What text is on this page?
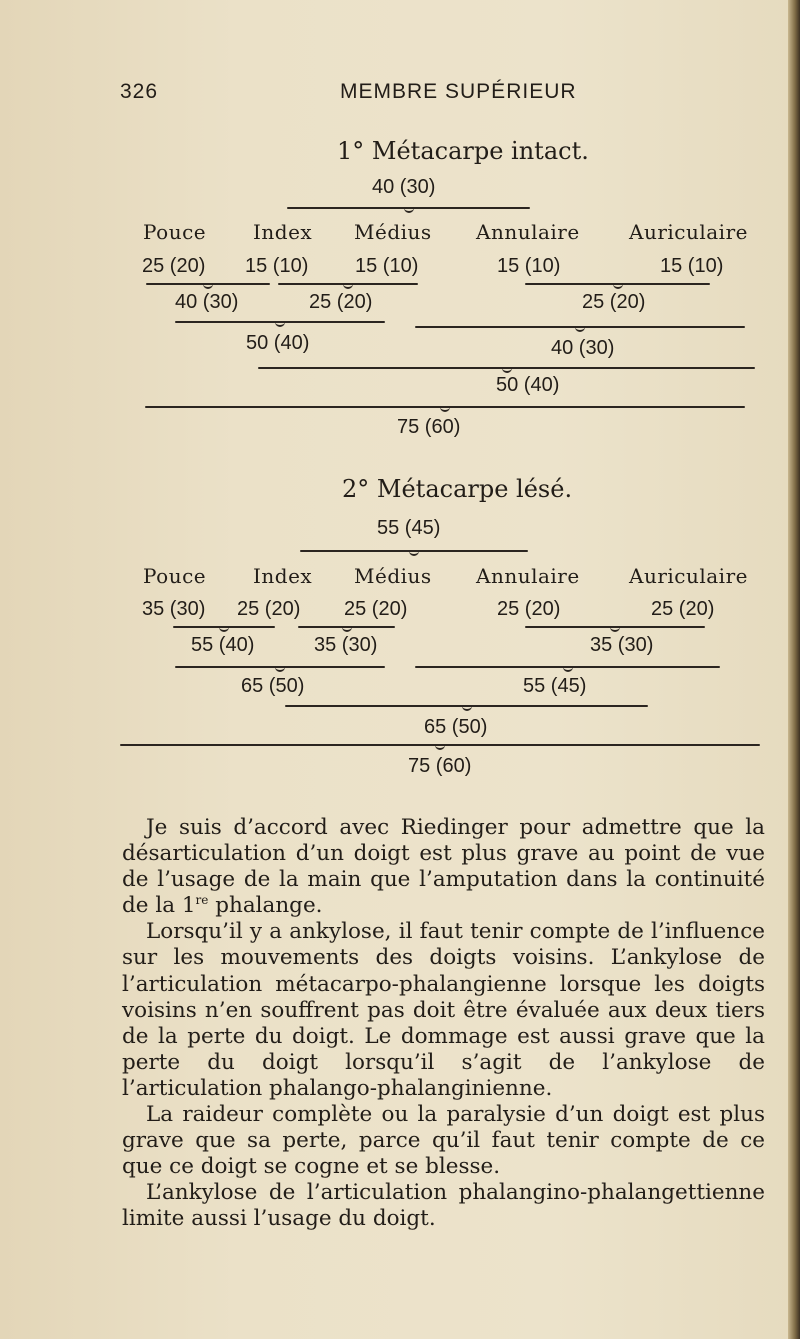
326	MEMBRE SUPÉRIEUR
1° Métacarpe intact.
40 (30)
Pouce Index Médius Annulaire Auriculaire
25 (20) 15 (10) 15 (10)	15 (10)	15 (10)
40 (30)	25 (20)	25 (20)
50 (40)	40 (30)
50 (40)
75 (60)
2° Métacarpe lésé.
55 (45)
Pouce Index Médius Annulaire Auriculaire
35 (30) 25 (20) 25 (20)	25 (20)	25 (20)
55 (40)	35 (30)	35 (30)
65 (50)	55 (45)
65 (50)
75 (60)

Je suis d’accord avec Riedinger pour admettre que la désarticulation d’un doigt est plus grave au point de vue de l’usage de la main que l’amputation dans la continuité de la 1re phalange.

Lorsqu’il y a ankylose, il faut tenir compte de l’influence sur les mouvements des doigts voisins. L’ankylose de l’articulation métacarpo-phalangienne lorsque les doigts voisins n’en souffrent pas doit être évaluée aux deux tiers de la perte du doigt. Le dommage est aussi grave que la perte du doigt lorsqu’il s’agit de l’ankylose de l’articulation phalango-phalanginienne.

La raideur complète ou la paralysie d’un doigt est plus grave que sa perte, parce qu’il faut tenir compte de ce que ce doigt se cogne et se blesse.

L’ankylose de l’articulation phalangino-phalangettienne limite aussi l’usage du doigt.
